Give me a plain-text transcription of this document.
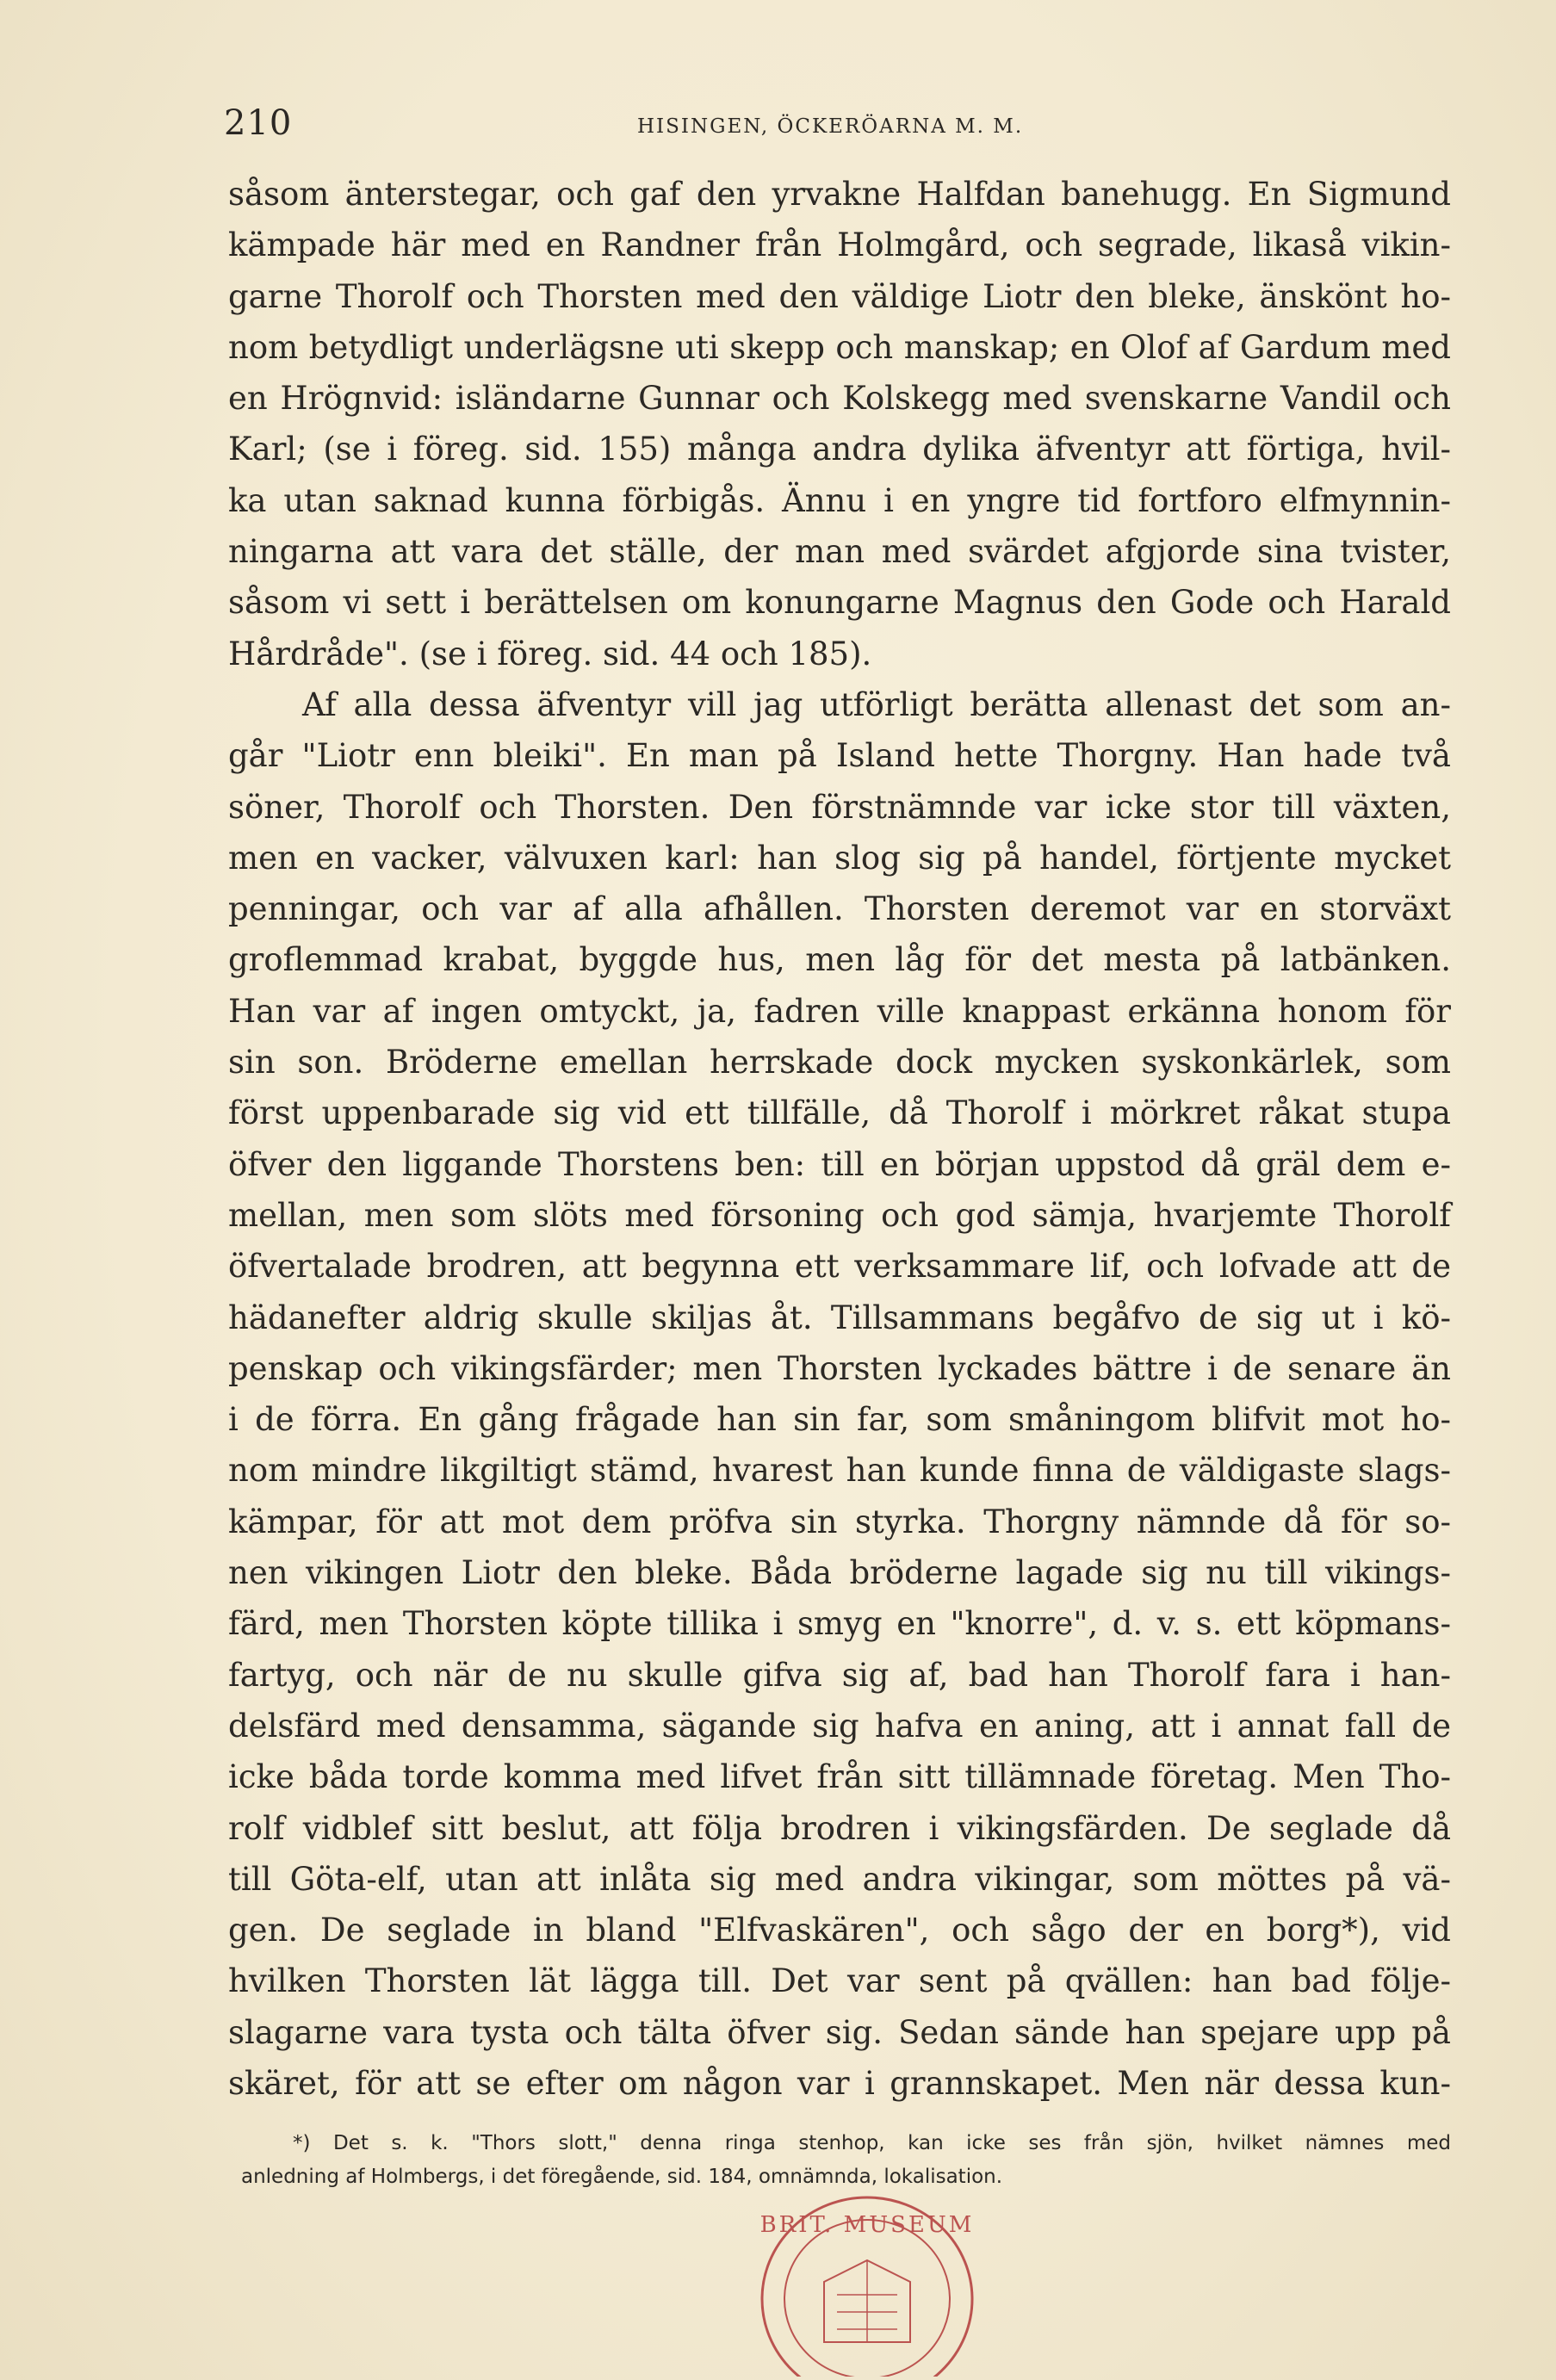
210	HISINGEN, ÖCKERÖARNA M. M.
såsom änterstegar, och gaf den yrvakne Halfdan banehugg. En Sigmund
kämpade här med en Randner från Holmgård, och segrade, likaså vikin-
garne Thorolf och Thorsten med den väldige Liotr den bleke, änskönt ho-
nom betydligt underlägsne uti skepp och manskap; en Olof af Gardum med
en Hrögnvid: isländarne Gunnar och Kolskegg med svenskarne Vandil och
Karl; (se i föreg. sid. 155) många andra dylika äfventyr att förtiga, hvil-
ka utan saknad kunna förbigås. Ännu i en yngre tid fortforo elfmynnin-
ningarna att vara det ställe, der man med svärdet afgjorde sina tvister,
såsom vi sett i berättelsen om konungarne Magnus den Gode och Harald
Hårdråde". (se i föreg. sid. 44 och 185).
Af alla dessa äfventyr vill jag utförligt berätta allenast det som an-
går "Liotr enn bleiki". En man på Island hette Thorgny. Han hade två
söner, Thorolf och Thorsten. Den förstnämnde var icke stor till växten,
men en vacker, välvuxen karl: han slog sig på handel, förtjente mycket
penningar, och var af alla afhållen. Thorsten deremot var en storväxt
groflemmad krabat, byggde hus, men låg för det mesta på latbänken.
Han var af ingen omtyckt, ja, fadren ville knappast erkänna honom för
sin son. Bröderne emellan herrskade dock mycken syskonkärlek, som
först uppenbarade sig vid ett tillfälle, då Thorolf i mörkret råkat stupa
öfver den liggande Thorstens ben: till en början uppstod då gräl dem e-
mellan, men som slöts med försoning och god sämja, hvarjemte Thorolf
öfvertalade brodren, att begynna ett verksammare lif, och lofvade att de
hädanefter aldrig skulle skiljas åt. Tillsammans begåfvo de sig ut i kö-
penskap och vikingsfärder; men Thorsten lyckades bättre i de senare än
i de förra. En gång frågade han sin far, som småningom blifvit mot ho-
nom mindre likgiltigt stämd, hvarest han kunde finna de väldigaste slags-
kämpar, för att mot dem pröfva sin styrka. Thorgny nämnde då för so-
nen vikingen Liotr den bleke. Båda bröderne lagade sig nu till vikings-
färd, men Thorsten köpte tillika i smyg en "knorre", d. v. s. ett köpmans-
fartyg, och när de nu skulle gifva sig af, bad han Thorolf fara i han-
delsfärd med densamma, sägande sig hafva en aning, att i annat fall de
icke båda torde komma med lifvet från sitt tillämnade företag. Men Tho-
rolf vidblef sitt beslut, att följa brodren i vikingsfärden. De seglade då
till Göta-elf, utan att inlåta sig med andra vikingar, som möttes på vä-
gen. De seglade in bland "Elfvaskären", och sågo der en borg*), vid
hvilken Thorsten lät lägga till. Det var sent på qvällen: han bad följe-
slagarne vara tysta och tälta öfver sig. Sedan sände han spejare upp på
skäret, för att se efter om någon var i grannskapet. Men när dessa kun-
*) Det s. k. "Thors slott," denna ringa stenhop, kan icke ses från sjön, hvilket nämnes med
anledning af Holmbergs, i det föregående, sid. 184, omnämnda, lokalisation.
BRIT. MUSEUM
